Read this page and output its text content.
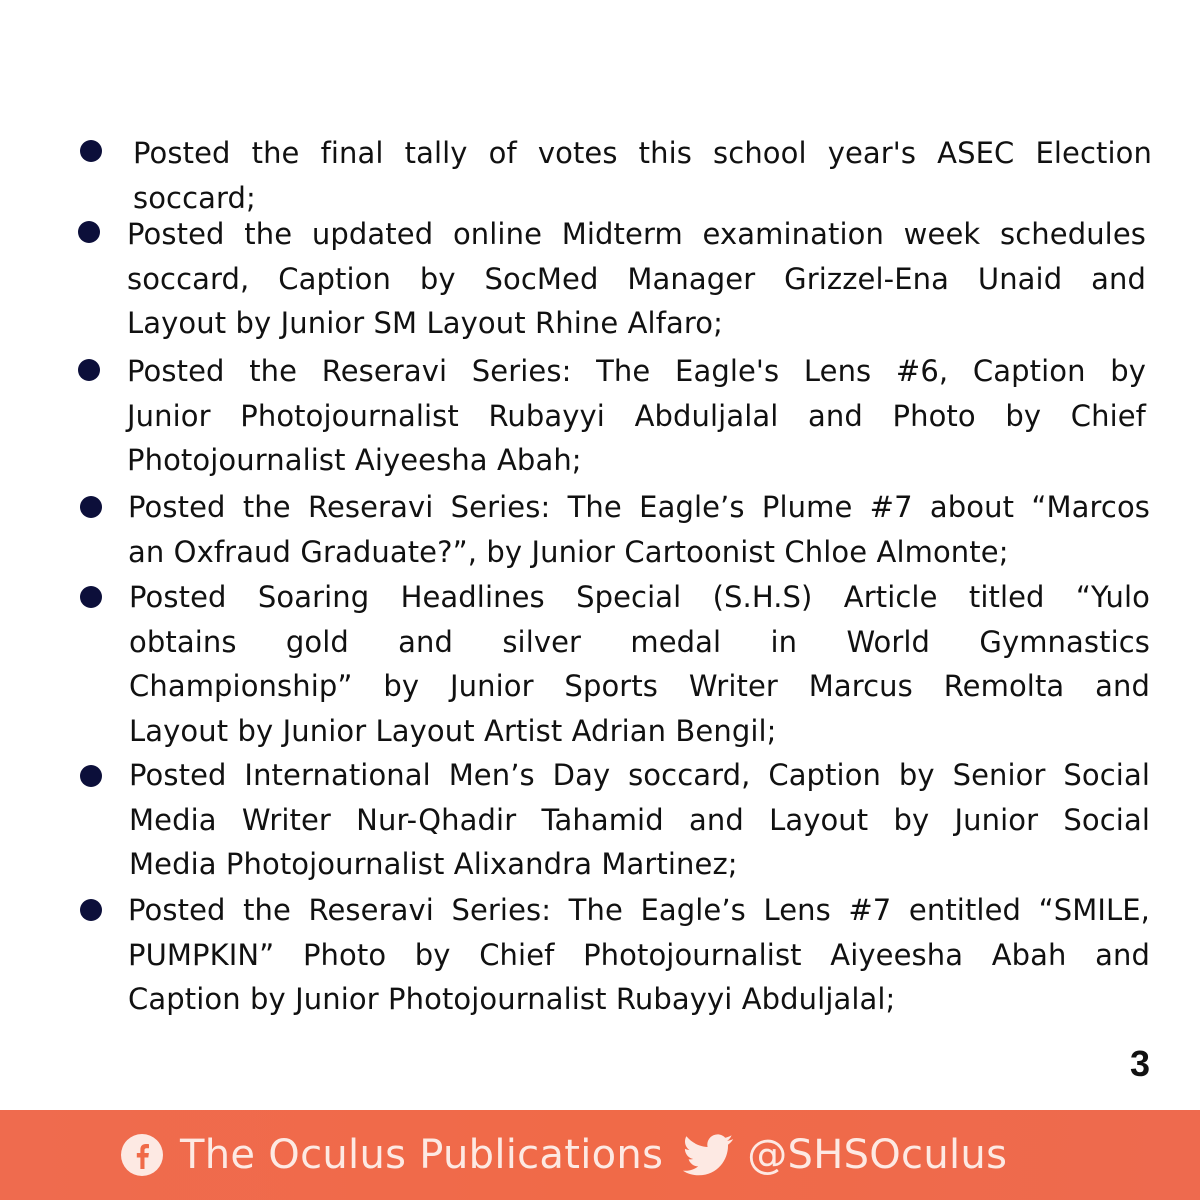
Posted the final tally of votes this school year's ASEC Election
soccard;
Posted the updated online Midterm examination week schedules
soccard, Caption by SocMed Manager Grizzel-Ena Unaid and
Layout by Junior SM Layout Rhine Alfaro;
Posted the Reseravi Series: The Eagle's Lens #6, Caption by
Junior Photojournalist Rubayyi Abduljalal and Photo by Chief
Photojournalist Aiyeesha Abah;
Posted the Reseravi Series: The Eagle’s Plume #7 about “Marcos
an Oxfraud Graduate?”, by Junior Cartoonist Chloe Almonte;
Posted Soaring Headlines Special (S.H.S) Article titled “Yulo
obtains gold and silver medal in World Gymnastics
Championship” by Junior Sports Writer Marcus Remolta and
Layout by Junior Layout Artist Adrian Bengil;
Posted International Men’s Day soccard, Caption by Senior Social
Media Writer Nur-Qhadir Tahamid and Layout by Junior Social
Media Photojournalist Alixandra Martinez;
Posted the Reseravi Series: The Eagle’s Lens #7 entitled “SMILE,
PUMPKIN” Photo by Chief Photojournalist Aiyeesha Abah and
Caption by Junior Photojournalist Rubayyi Abduljalal;
3
The Oculus Publications @SHSOculus
